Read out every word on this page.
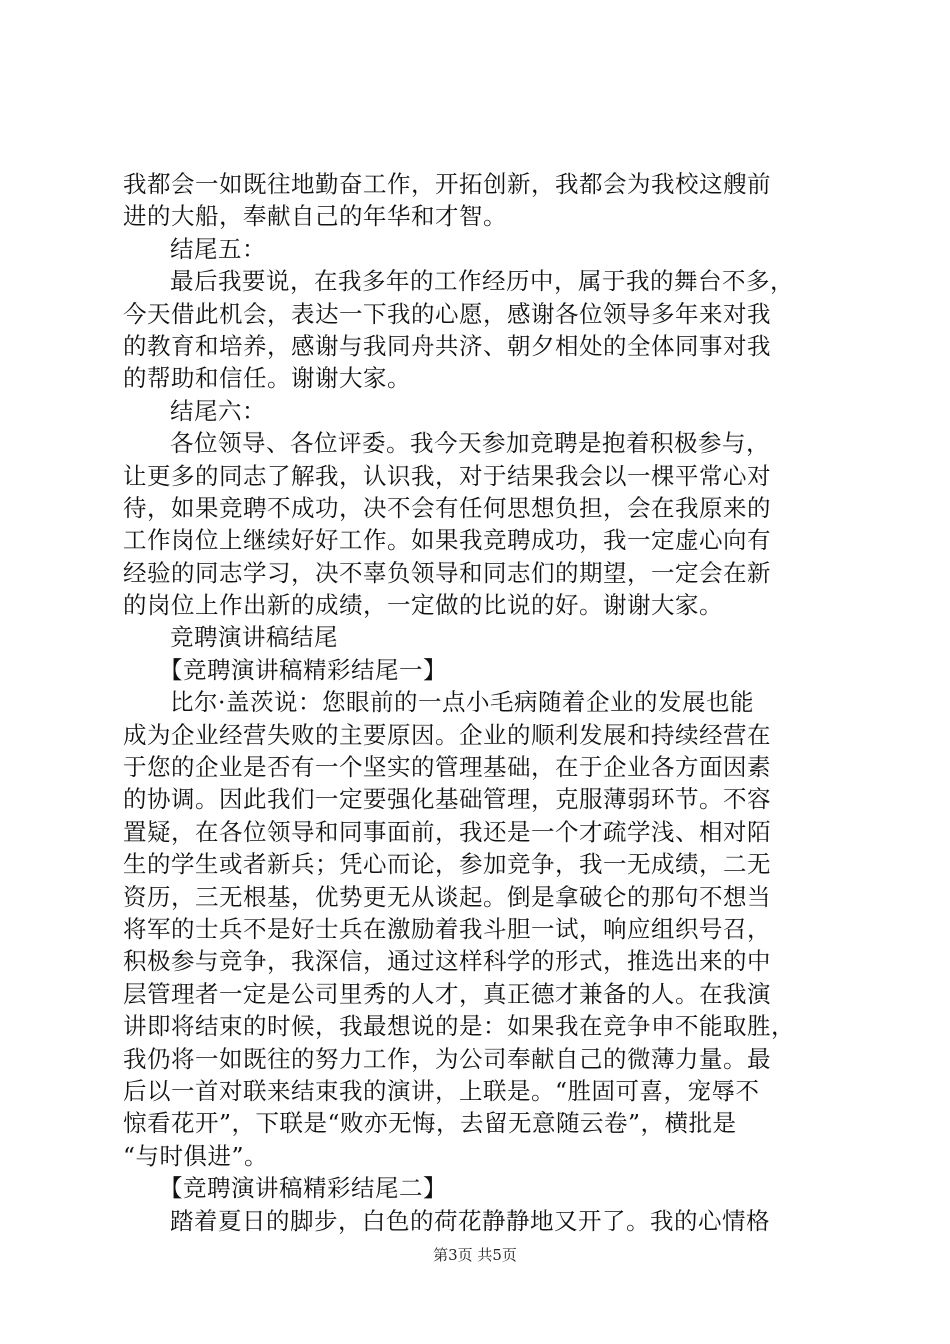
我都会一如既往地勤奋工作，开拓创新，我都会为我校这艘前
进的大船，奉献自己的年华和才智。
结尾五：
最后我要说，在我多年的工作经历中，属于我的舞台不多，
今天借此机会，表达一下我的心愿，感谢各位领导多年来对我
的教育和培养，感谢与我同舟共济、朝夕相处的全体同事对我
的帮助和信任。谢谢大家。
结尾六：
各位领导、各位评委。我今天参加竞聘是抱着积极参与，
让更多的同志了解我，认识我，对于结果我会以一棵平常心对
待，如果竞聘不成功，决不会有任何思想负担，会在我原来的
工作岗位上继续好好工作。如果我竞聘成功，我一定虚心向有
经验的同志学习，决不辜负领导和同志们的期望，一定会在新
的岗位上作出新的成绩，一定做的比说的好。谢谢大家。
竞聘演讲稿结尾
【竞聘演讲稿精彩结尾一】
比尔·盖茨说：您眼前的一点小毛病随着企业的发展也能
成为企业经营失败的主要原因。企业的顺利发展和持续经营在
于您的企业是否有一个坚实的管理基础，在于企业各方面因素
的协调。因此我们一定要强化基础管理，克服薄弱环节。不容
置疑，在各位领导和同事面前，我还是一个才疏学浅、相对陌
生的学生或者新兵；凭心而论，参加竞争，我一无成绩，二无
资历，三无根基，优势更无从谈起。倒是拿破仑的那句不想当
将军的士兵不是好士兵在激励着我斗胆一试，响应组织号召，
积极参与竞争，我深信，通过这样科学的形式，推选出来的中
层管理者一定是公司里秀的人才，真正德才兼备的人。在我演
讲即将结束的时候，我最想说的是：如果我在竞争申不能取胜，
我仍将一如既往的努力工作，为公司奉献自己的微薄力量。最
后以一首对联来结束我的演讲，上联是。“胜固可喜，宠辱不
惊看花开”，下联是“败亦无悔，去留无意随云卷”，横批是
“与时俱进”。
【竞聘演讲稿精彩结尾二】
踏着夏日的脚步，白色的荷花静静地又开了。我的心情格
第3页 共5页
